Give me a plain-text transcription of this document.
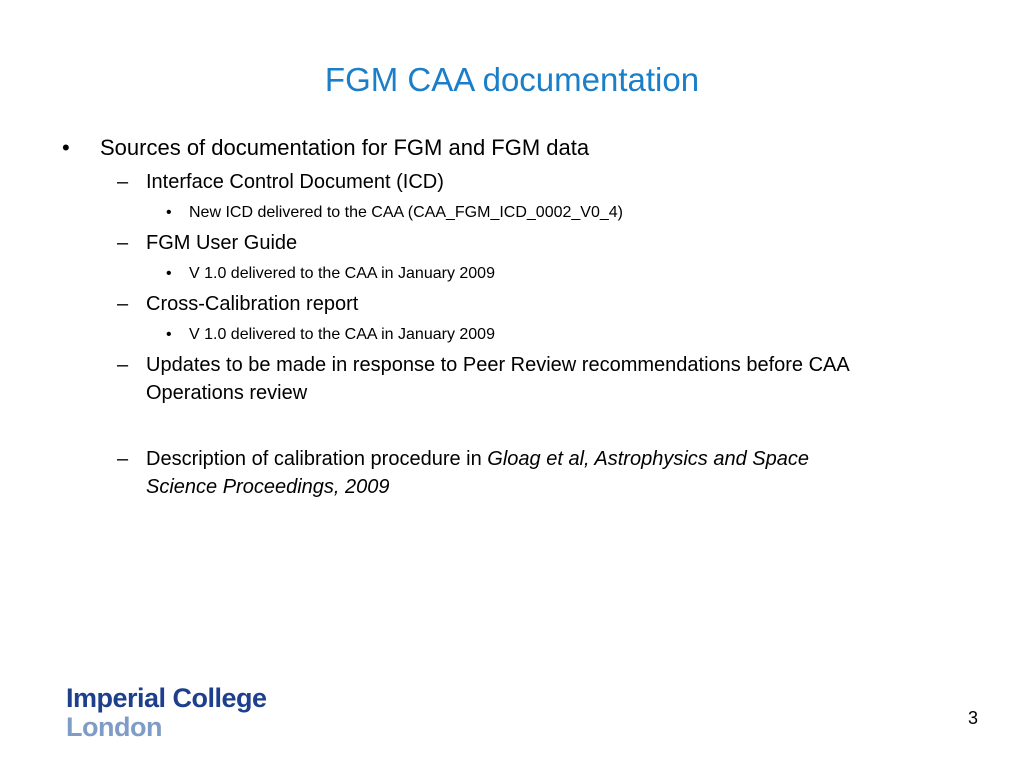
FGM CAA documentation
• Sources of documentation for FGM and FGM data
– Interface Control Document (ICD)
• New ICD delivered to the CAA (CAA_FGM_ICD_0002_V0_4)
– FGM User Guide
• V 1.0 delivered to the CAA in January 2009
– Cross-Calibration report
• V 1.0 delivered to the CAA in January 2009
– Updates to be made in response to Peer Review recommendations before CAA
Operations review
– Description of calibration procedure in Gloag et al, Astrophysics and Space
Science Proceedings, 2009
Imperial College
London	3
